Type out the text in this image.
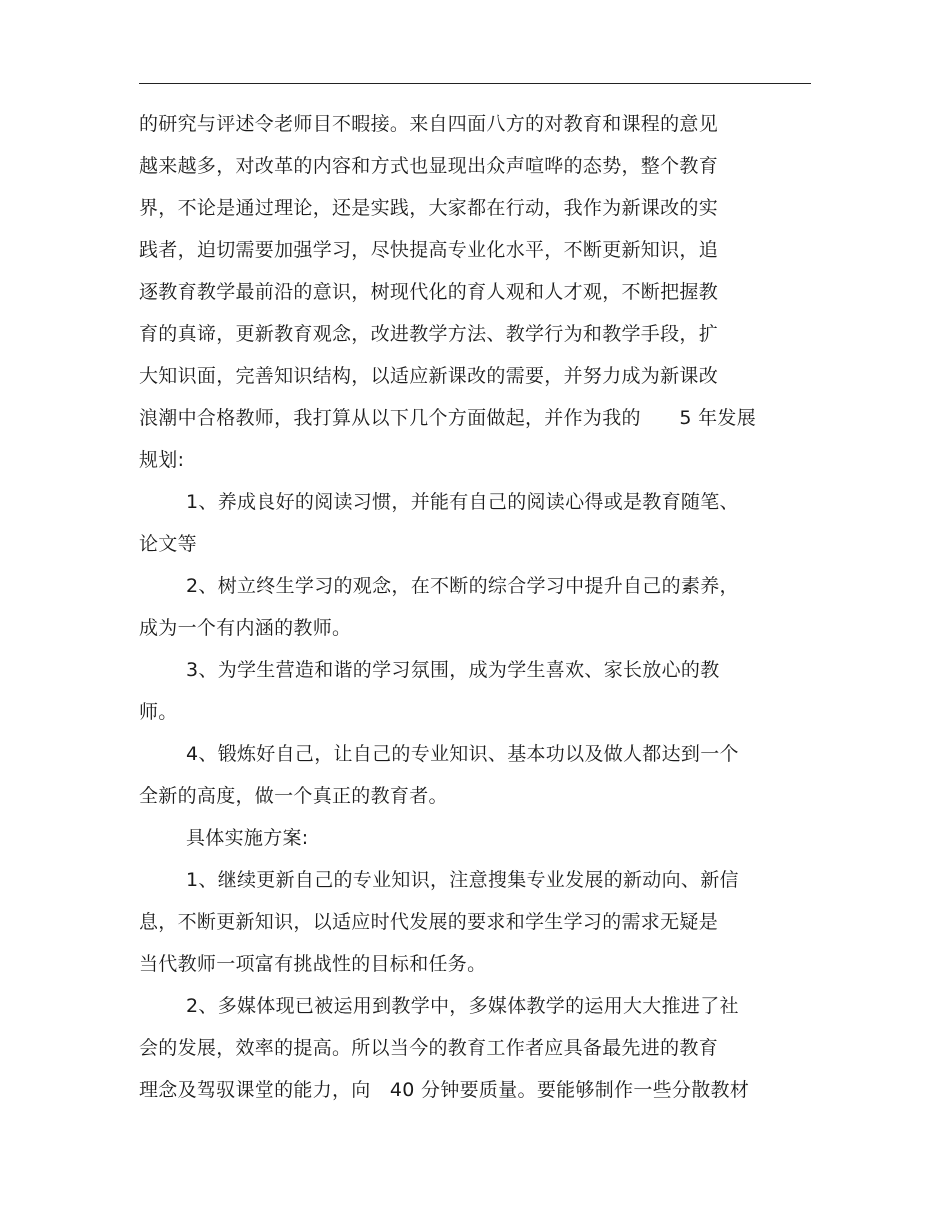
的研究与评述令老师目不暇接。来自四面八方的对教育和课程的意见
越来越多，对改革的内容和方式也显现出众声喧哗的态势，整个教育
界，不论是通过理论，还是实践，大家都在行动，我作为新课改的实
践者，迫切需要加强学习，尽快提高专业化水平，不断更新知识，追
逐教育教学最前沿的意识，树现代化的育人观和人才观，不断把握教
育的真谛，更新教育观念，改进教学方法、教学行为和教学手段，扩
大知识面，完善知识结构，以适应新课改的需要，并努力成为新课改
浪潮中合格教师，我打算从以下几个方面做起，并作为我的　　5 年发展
规划:
1、养成良好的阅读习惯，并能有自己的阅读心得或是教育随笔、
论文等
2、树立终生学习的观念，在不断的综合学习中提升自己的素养，
成为一个有内涵的教师。
3、为学生营造和谐的学习氛围，成为学生喜欢、家长放心的教
师。
4、锻炼好自己，让自己的专业知识、基本功以及做人都达到一个
全新的高度，做一个真正的教育者。
具体实施方案:
1、继续更新自己的专业知识，注意搜集专业发展的新动向、新信
息，不断更新知识，以适应时代发展的要求和学生学习的需求无疑是
当代教师一项富有挑战性的目标和任务。
2、多媒体现已被运用到教学中，多媒体教学的运用大大推进了社
会的发展，效率的提高。所以当今的教育工作者应具备最先进的教育
理念及驾驭课堂的能力，向　40 分钟要质量。要能够制作一些分散教材
